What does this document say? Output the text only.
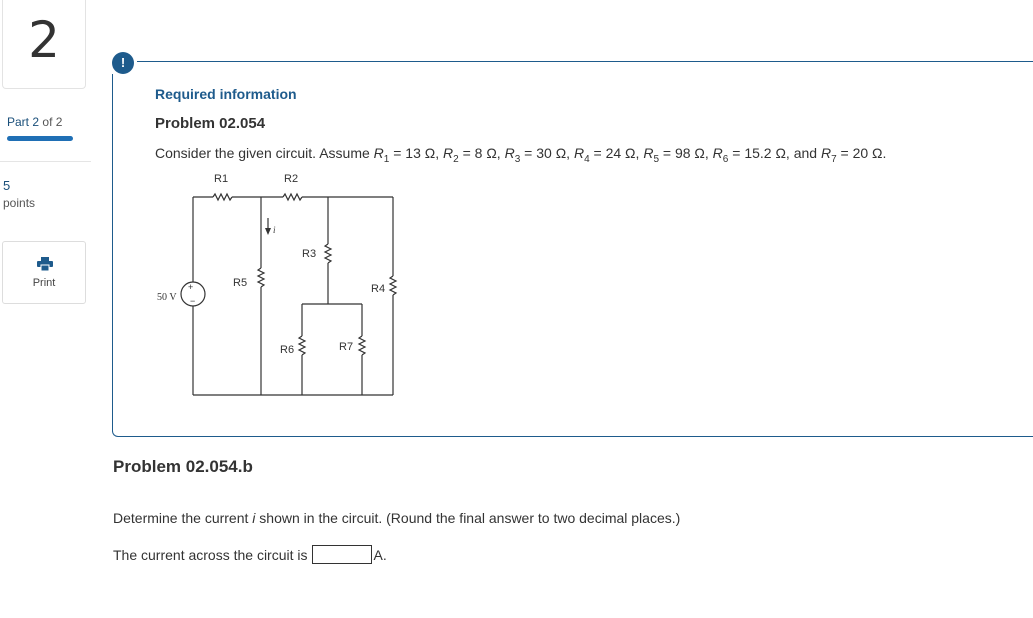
2
Part 2 of 2
5
points
Print
!
Required information
Problem 02.054
Consider the given circuit. Assume $R_1 = 13$ Ω, $R_2 = 8$ Ω, $R_3 = 30$ Ω, $R_4 = 24$ Ω, $R_5 = 98$ Ω, $R_6 = 15.2$ Ω, and $R_7 = 20$ Ω.
+
−
50 V
i
R1	R2
R3
R4
R5
R6	R7
Problem 02.054.b
Determine the current i shown in the circuit. (Round the final answer to two decimal places.)
The current across the circuit is	A.
